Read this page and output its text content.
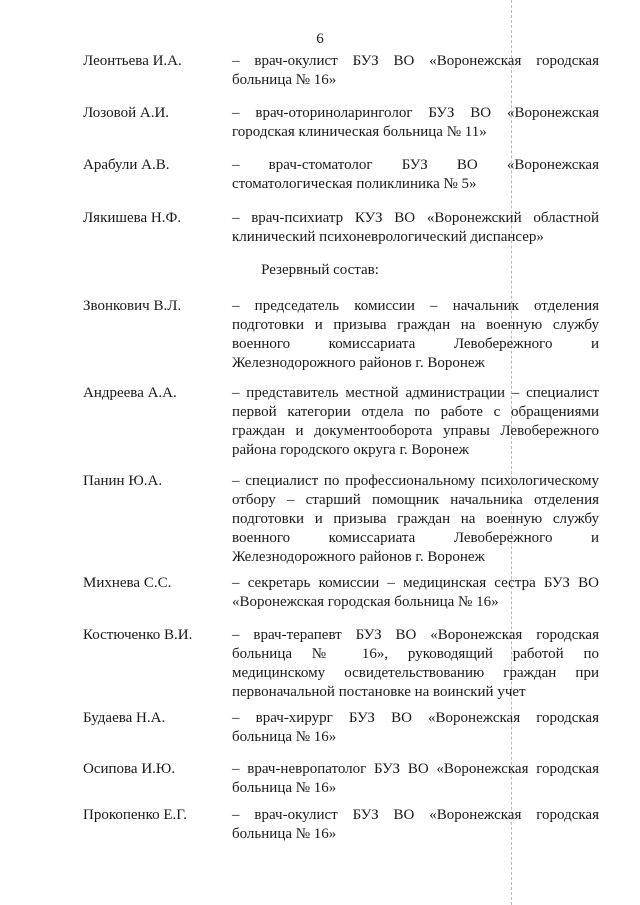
6
Леонтьева И.А.	– врач-окулист БУЗ ВО «Воронежская городская больница № 16»

Лозовой А.И.	– врач-оториноларинголог БУЗ ВО «Воронежская городская клиническая больница № 11»

Арабули А.В.	– врач-стоматолог БУЗ ВО «Воронежская стоматологическая поликлиника № 5»

Лякишева Н.Ф.	– врач-психиатр КУЗ ВО «Воронежский областной клинический психоневрологический диспансер»

Резервный состав:
Звонкович В.Л.	– председатель комиссии – начальник отделения подготовки и призыва граждан на военную службу военного комиссариата Левобережного и Железнодорожного районов г. Воронеж

Андреева А.А.	– представитель местной администрации – специалист первой категории отдела по работе с обращениями граждан и документооборота управы Левобережного района городского округа г. Воронеж

Панин Ю.А.	– специалист по профессиональному психологическому отбору – старший помощник начальника отделения подготовки и призыва граждан на военную службу военного комиссариата Левобережного и Железнодорожного районов г. Воронеж

Михнева С.С.	– секретарь комиссии – медицинская сестра БУЗ ВО «Воронежская городская больница № 16»

Костюченко В.И.	– врач-терапевт БУЗ ВО «Воронежская городская больница № 16», руководящий работой по медицинскому освидетельствованию граждан при первоначальной постановке на воинский учет

Будаева Н.А.	– врач-хирург БУЗ ВО «Воронежская городская больница № 16»

Осипова И.Ю.	– врач-невропатолог БУЗ ВО «Воронежская городская больница № 16»

Прокопенко Е.Г.	– врач-окулист БУЗ ВО «Воронежская городская больница № 16»
